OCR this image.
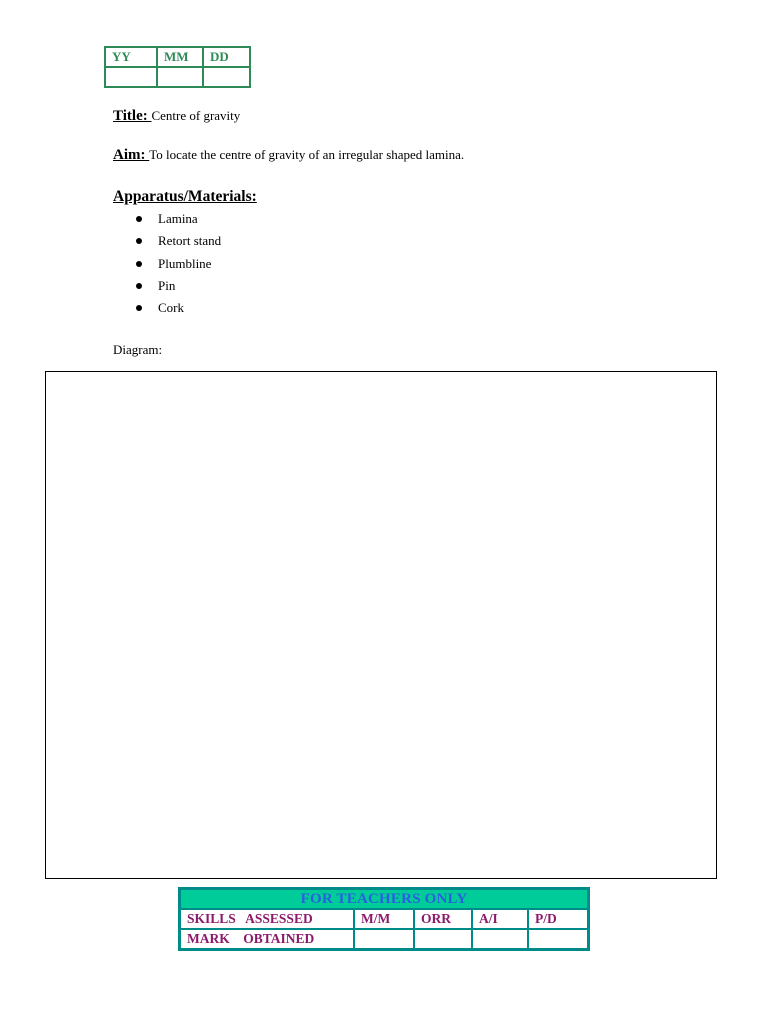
YY	MM	DD

Title: Centre of gravity
Aim: To locate the centre of gravity of an irregular shaped lamina.
Apparatus/Materials:
Lamina
Retort stand
Plumbline
Pin
Cork
Diagram:
FOR TEACHERS ONLY				
SKILLS   ASSESSED	M/M	ORR	A/I	P/D
MARK    OBTAINED				
